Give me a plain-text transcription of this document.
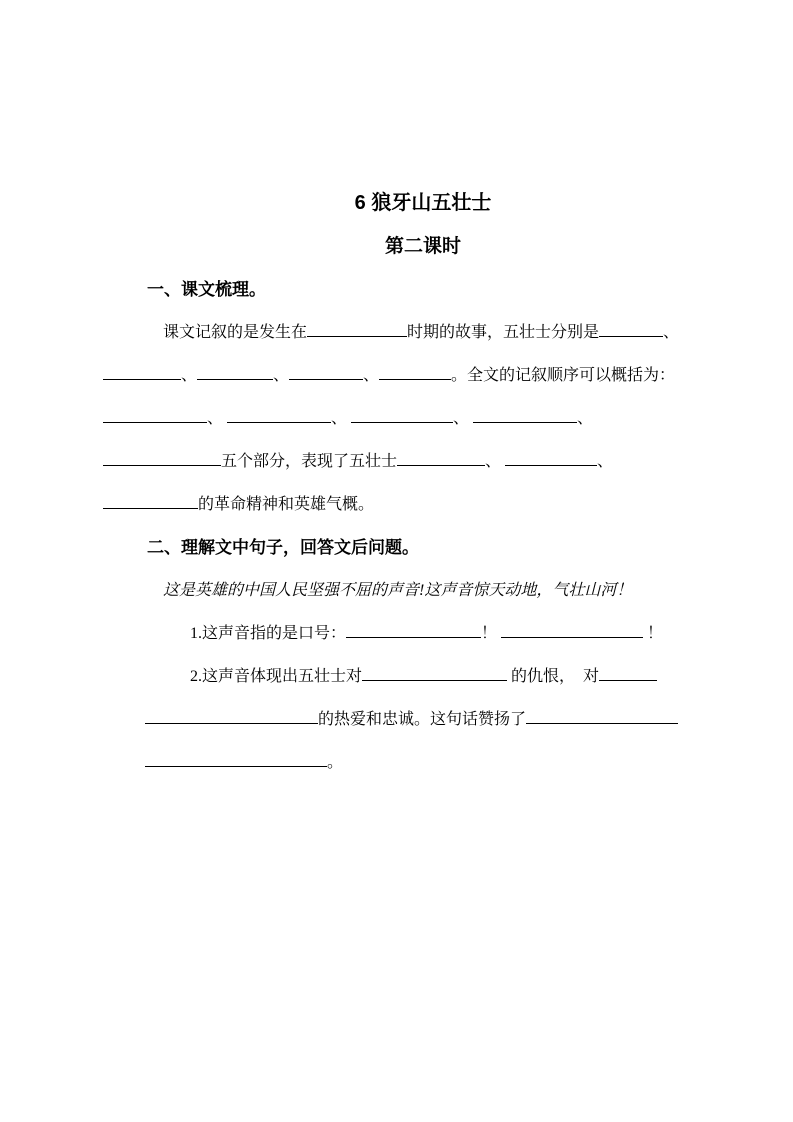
6 狼牙山五壮士
第二课时
一、课文梳理。
课文记叙的是发生在	时期的故事，五壮士分别是	、
、	、	、	。全文的记叙顺序可以概括为：
、	、	、	、
五个部分，表现了五壮士	、	、
的革命精神和英雄气概。
二、理解文中句子，回答文后问题。
这是英雄的中国人民坚强不屈的声音!这声音惊天动地，气壮山河！
1.这声音指的是口号：	！	！
2.这声音体现出五壮士对	的仇恨，  对
的热爱和忠诚。这句话赞扬了
。
